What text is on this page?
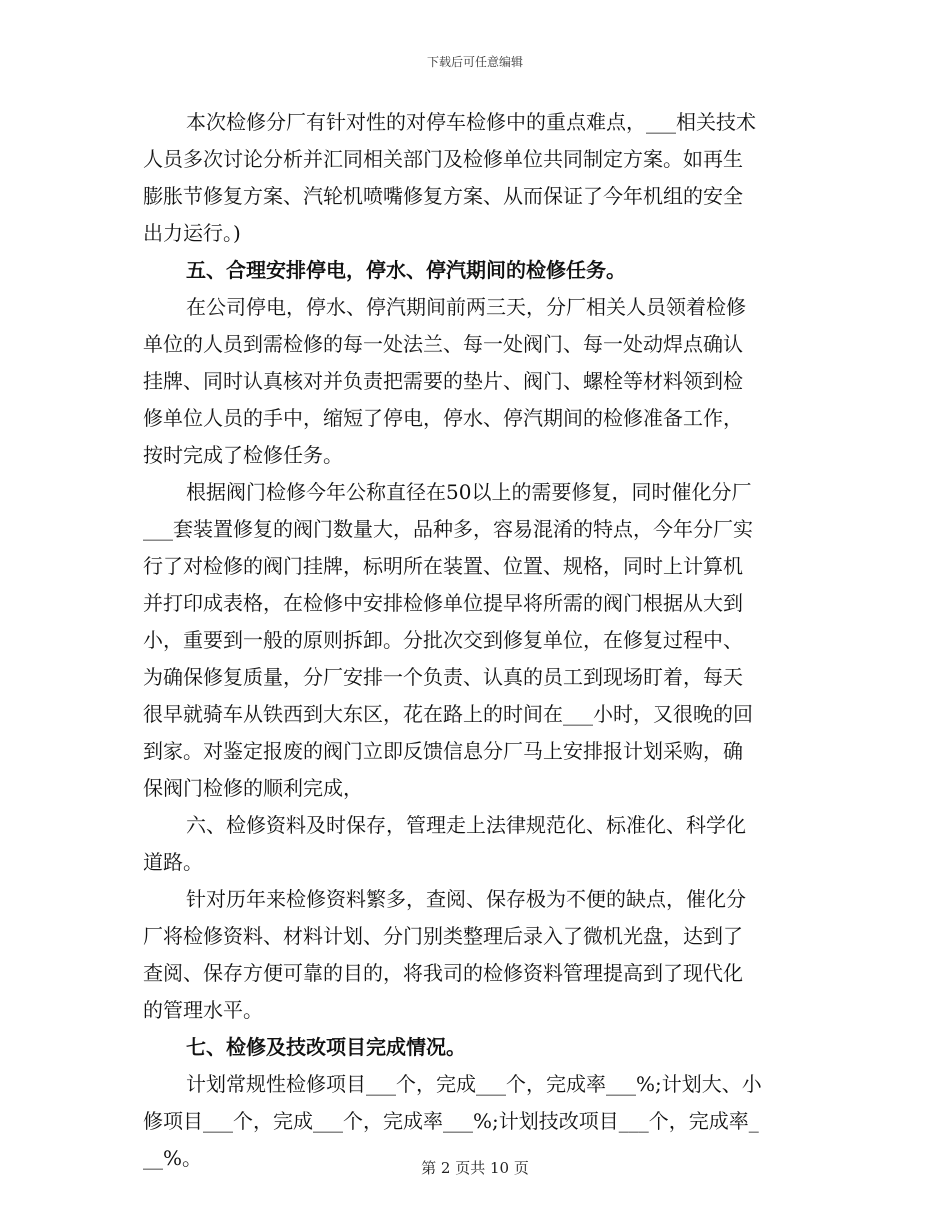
下载后可任意编辑
本次检修分厂有针对性的对停车检修中的重点难点，___相关技术
人员多次讨论分析并汇同相关部门及检修单位共同制定方案。如再生
膨胀节修复方案、汽轮机喷嘴修复方案、从而保证了今年机组的安全
出力运行。)
五、合理安排停电，停水、停汽期间的检修任务。
在公司停电，停水、停汽期间前两三天，分厂相关人员领着检修
单位的人员到需检修的每一处法兰、每一处阀门、每一处动焊点确认
挂牌、同时认真核对并负责把需要的垫片、阀门、螺栓等材料领到检
修单位人员的手中，缩短了停电，停水、停汽期间的检修准备工作，
按时完成了检修任务。
根据阀门检修今年公称直径在50以上的需要修复，同时催化分厂
___套装置修复的阀门数量大，品种多，容易混淆的特点，今年分厂实
行了对检修的阀门挂牌，标明所在装置、位置、规格，同时上计算机
并打印成表格，在检修中安排检修单位提早将所需的阀门根据从大到
小，重要到一般的原则拆卸。分批次交到修复单位，在修复过程中、
为确保修复质量，分厂安排一个负责、认真的员工到现场盯着，每天
很早就骑车从铁西到大东区，花在路上的时间在___小时，又很晚的回
到家。对鉴定报废的阀门立即反馈信息分厂马上安排报计划采购，确
保阀门检修的顺利完成，
六、检修资料及时保存，管理走上法律规范化、标准化、科学化
道路。
针对历年来检修资料繁多，查阅、保存极为不便的缺点，催化分
厂将检修资料、材料计划、分门别类整理后录入了微机光盘，达到了
查阅、保存方便可靠的目的，将我司的检修资料管理提高到了现代化
的管理水平。
七、检修及技改项目完成情况。
计划常规性检修项目___个，完成___个，完成率___%;计划大、小
修项目___个，完成___个，完成率___%;计划技改项目___个，完成率_
__%。	第 2 页共 10 页
